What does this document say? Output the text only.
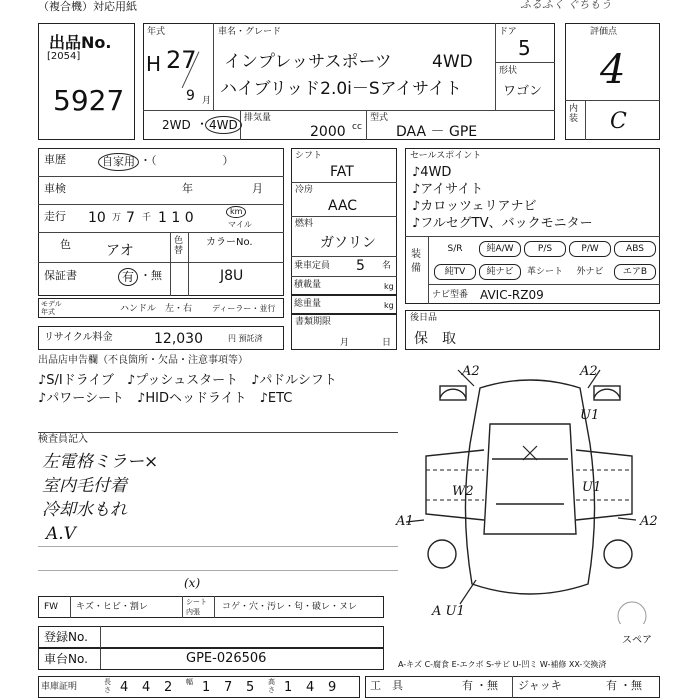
（複合機）対応用紙	ふるふく ぐちもう
出品No.
[2054]
5927
年式
H 27
9 月
車名・グレード
インプレッサスポーツ 4WD
ハイブリッド2.0i－Sアイサイト
ドア
5
形状
ワゴン
2WD ・ 4WD 排気量
2000 cc
型式
DAA － GPE
評価点
4
内装 C
車歴	自家用 ・（　　　　　　）
車検	年	月
走行 10 万 7 千 1 1 0	km
マイル
色	アオ
色替
カラーNo.
J8U
保証書	有 ・無
モデル年式	ハンドル　左・右 ディーラー・並行
リサイクル料金	12,030	円 預託済
シフト
FAT
冷房
AAC
燃料
ガソリン
乗車定員 5 名
積載量	kg
総重量	kg
書類期限
月	日
セールスポイント
♪4WD
♪アイサイト
♪カロッツェリアナビ
♪フルセグTV、バックモニター
装備
S/R	純A/W	P/S	P/W	ABS
純TV	純ナビ	革シート	外ナビ	エアB
ナビ型番 AVIC-RZ09
後日品
保　取
出品店申告欄（不良箇所・欠品・注意事項等）
♪S/Iドライブ　♪プッシュスタート　♪パドルシフト
♪パワーシート　♪HIDヘッドライト　♪ETC
検査員記入
左電格ミラー×
室内毛付着
冷却水もれ
A.V
A2	A2
U1
U1
A2
A1
A U1
W2
スペア
FW キズ・ヒビ・割レ	シート
内張 コゲ・穴・汚レ・匂・破レ・ヌレ
(x)
登録No.
車台No.	GPE-026506	A-キズ C-腐食 E-エクボ S-サビ U-凹ミ W-補修 XX-交換済
車庫証明	長さ 4 4 2 幅 1 7 5 高さ 1 4 9	工　具	有 ・無 ジャッキ	有 ・無
